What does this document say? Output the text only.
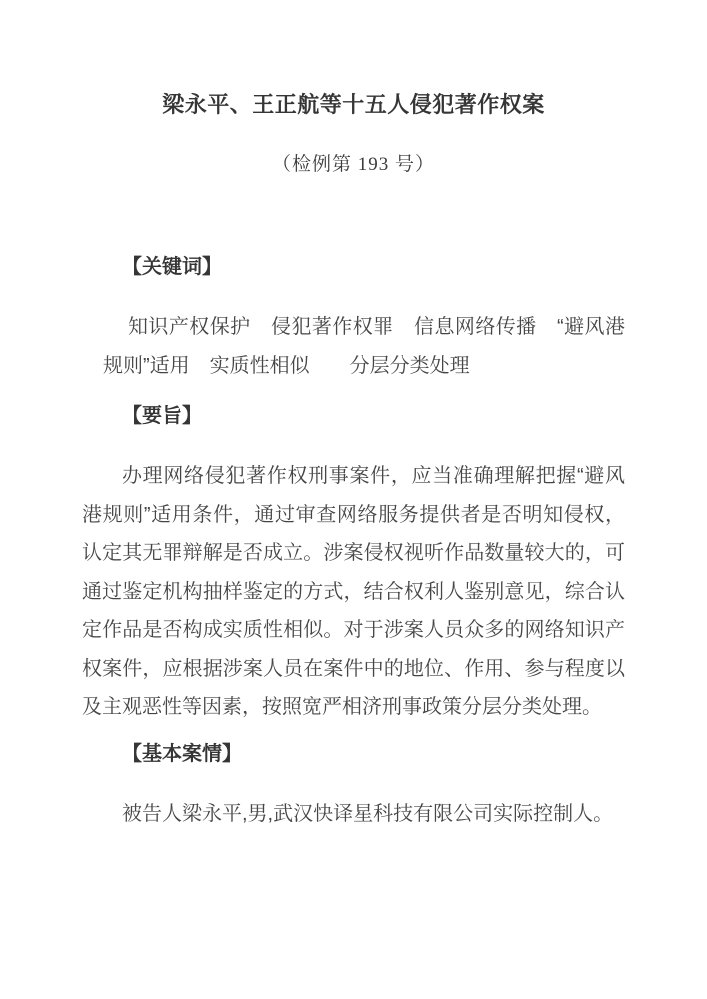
梁永平、王正航等十五人侵犯著作权案

（检例第 193 号）

【关键词】

知识产权保护　侵犯著作权罪　信息网络传播　“避风港规则”适用　实质性相似　　分层分类处理

【要旨】

办理网络侵犯著作权刑事案件，应当准确理解把握“避风港规则”适用条件，通过审查网络服务提供者是否明知侵权，认定其无罪辩解是否成立。涉案侵权视听作品数量较大的，可通过鉴定机构抽样鉴定的方式，结合权利人鉴别意见，综合认定作品是否构成实质性相似。对于涉案人员众多的网络知识产权案件，应根据涉案人员在案件中的地位、作用、参与程度以及主观恶性等因素，按照宽严相济刑事政策分层分类处理。

【基本案情】

被告人梁永平,男,武汉快译星科技有限公司实际控制人。
